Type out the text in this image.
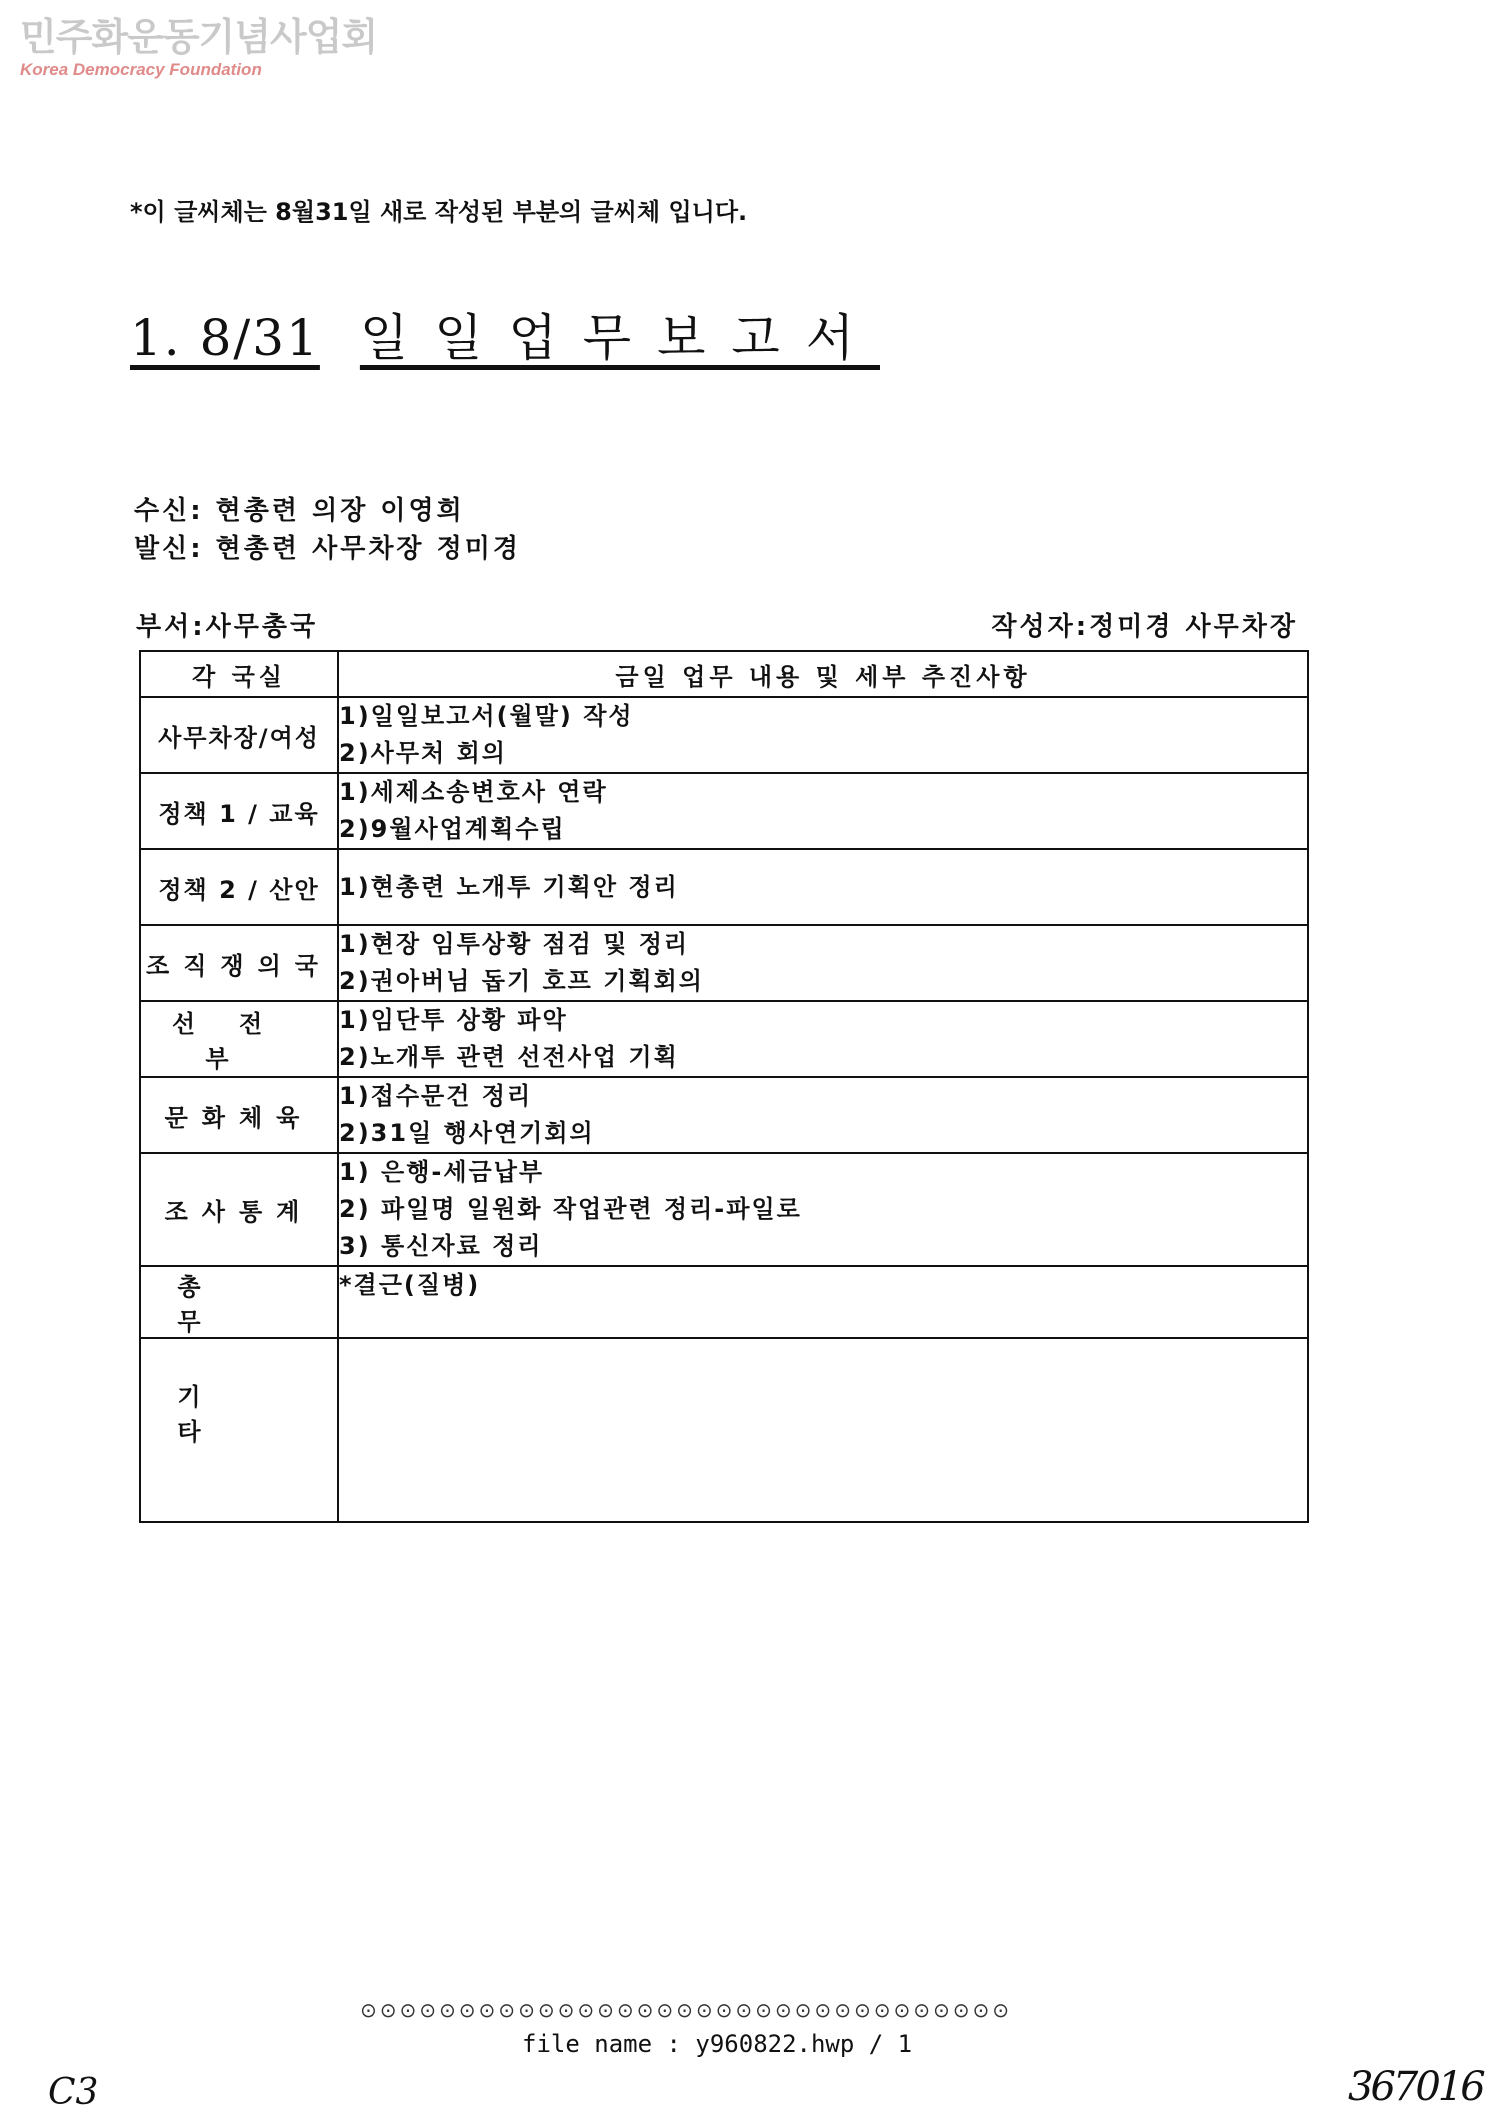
민주화운동기념사업회
Korea Democracy Foundation
*이 글씨체는 8월31일 새로 작성된 부분의 글씨체 입니다.
1. 8/31 일일업무보고서
수신: 현총련 의장 이영희
발신: 현총련 사무차장 정미경
부서:사무총국	작성자:정미경 사무차장
각 국실	금일 업무 내용 및 세부 추진사항
사무차장/여성	1)일일보고서(월말) 작성
2)사무처 회의

정책 1 / 교육	1)세제소송변호사 연락
2)9월사업계획수립

정책 2 / 산안	1)현총련 노개투 기획안 정리

조직쟁의국	1)현장 임투상황 점검 및 정리
2)권아버님 돕기 호프 기획회의

선전부	1)임단투 상황 파악
2)노개투 관련 선전사업 기획

문화체육	1)접수문건 정리
2)31일 행사연기회의

조사통계	1) 은행-세금납부
2) 파일명 일원화 작업관련 정리-파일로
3) 통신자료 정리

총무	*결근(질병)

기타	
⊙⊙⊙⊙⊙⊙⊙⊙⊙⊙⊙⊙⊙⊙⊙⊙⊙⊙⊙⊙⊙⊙⊙⊙⊙⊙⊙⊙⊙⊙⊙⊙⊙
file name : y960822.hwp / 1
C3	367016
